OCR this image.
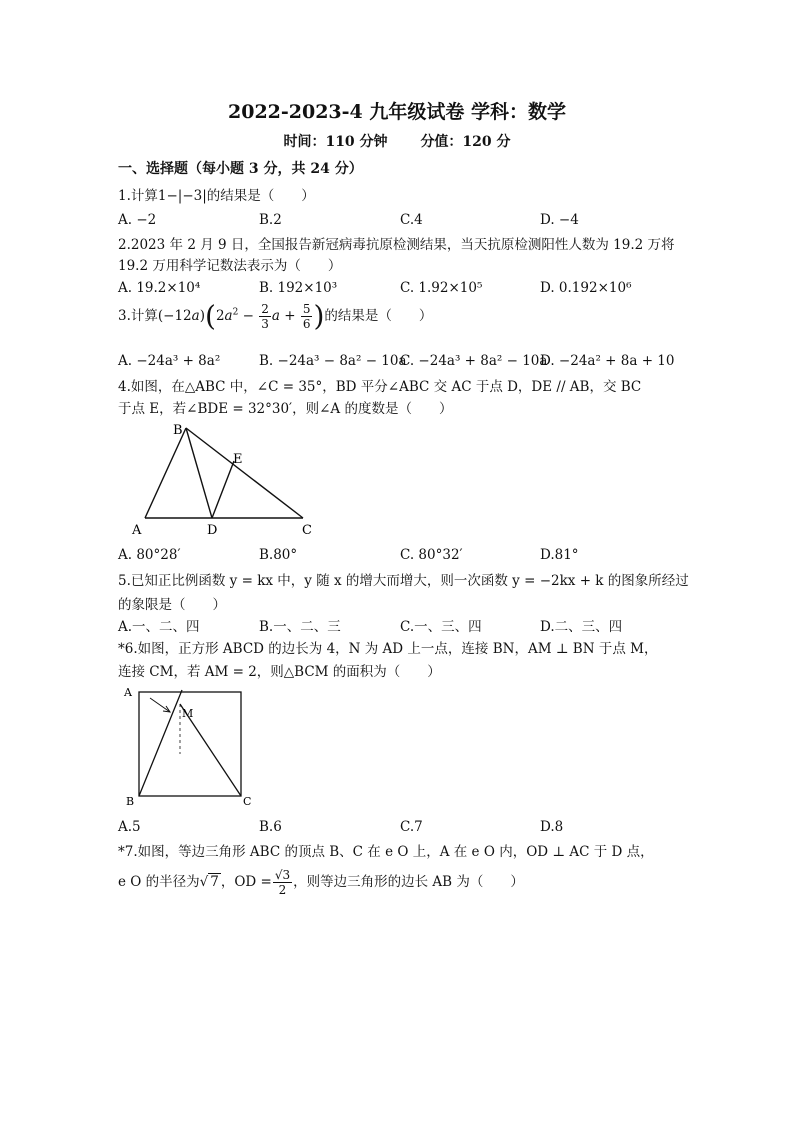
2022-2023-4 九年级试卷 学科：数学
时间：110 分钟 分值：120 分
一、选择题（每小题 3 分，共 24 分）
1.计算1−|−3|的结果是（　　）
A. −2	B.2	C.4	D. −4
2.2023 年 2 月 9 日，全国报告新冠病毒抗原检测结果，当天抗原检测阳性人数为 19.2 万将
19.2 万用科学记数法表示为（　　）
A. 19.2×10⁴	B. 192×10³	C. 1.92×10⁵	D. 0.192×10⁶
3.计算$(-12a)(2a^2 - \frac{2}{3}$ $a + \frac{5}{6}$ )的结果是（　　）
A. −24a³ + 8a²	B. −24a³ − 8a² − 10a
C. −24a³ + 8a² − 10a
D. −24a² + 8a + 10
4.如图，在△ABC 中，∠C = 35°，BD 平分∠ABC 交 AC 于点 D，DE // AB，交 BC
于点 E，若∠BDE = 32°30′，则∠A 的度数是（　　）
B
E
A	D	C
A. 80°28′	B.80°	C. 80°32′	D.81°
5.已知正比例函数 y = kx 中，y 随 x 的增大而增大，则一次函数 y = −2kx + k 的图象所经过
的象限是（　　）
A.一、二、四	B.一、二、三	C.一、三、四	D.二、三、四
*6.如图，正方形 ABCD 的边长为 4，N 为 AD 上一点，连接 BN，AM ⊥ BN 于点 M，
连接 CM，若 AM = 2，则△BCM 的面积为（　　）
A
M
B	C
A.5	B.6	C.7	D.8
*7.如图，等边三角形 ABC 的顶点 B、C 在 e O 上，A 在 e O 内，OD ⊥ AC 于 D 点，
e O 的半径为√ 7 ，OD = $\frac{√3}{2}$ ，则等边三角形的边长 AB 为（　　）
